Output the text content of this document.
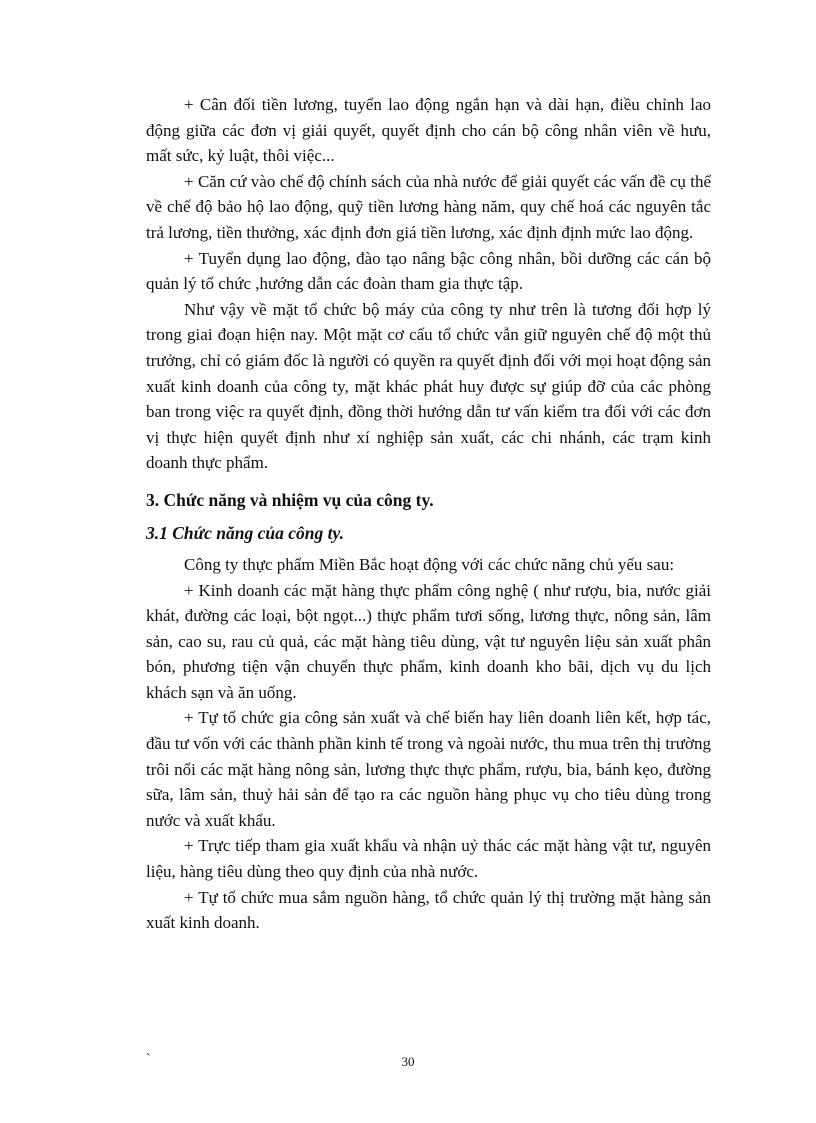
+ Cân đối tiền lương, tuyển lao động ngắn hạn và dài hạn, điều chỉnh lao động giữa các đơn vị giải quyết, quyết định cho cán bộ công nhân viên về hưu, mất sức, kỷ luật, thôi việc...

+ Căn cứ vào chế độ chính sách của nhà nước để giải quyết các vấn đề cụ thể về chế độ bảo hộ lao động, quỹ tiền lương hàng năm, quy chế hoá các nguyên tắc trả lương, tiền thưởng, xác định đơn giá tiền lương, xác định định mức lao động.

+ Tuyển dụng lao động, đào tạo nâng bậc công nhân, bồi dưỡng các cán bộ quản lý tổ chức ,hướng dẫn các đoàn tham gia thực tập.

Như vậy về mặt tổ chức bộ máy của công ty như trên là tương đối hợp lý trong giai đoạn hiện nay. Một mặt cơ cấu tổ chức vẫn giữ nguyên chế độ một thủ trưởng, chỉ có giám đốc là người có quyền ra quyết định đối với mọi hoạt động sản xuất kinh doanh của công ty, mặt khác phát huy được sự giúp đỡ của các phòng ban trong việc ra quyết định, đồng thời hướng dẫn tư vấn kiểm tra đối với các đơn vị thực hiện quyết định như xí nghiệp sản xuất, các chi nhánh, các trạm kinh doanh thực phẩm.

3. Chức năng và nhiệm vụ của công ty.
3.1 Chức năng của công ty.

Công ty thực phẩm Miền Bắc hoạt động với các chức năng chủ yếu sau:

+ Kinh doanh các mặt hàng thực phẩm công nghệ ( như rượu, bia, nước giải khát, đường các loại, bột ngọt...) thực phẩm tươi sống, lương thực, nông sản, lâm sản, cao su, rau củ quả, các mặt hàng tiêu dùng, vật tư nguyên liệu sản xuất phân bón, phương tiện vận chuyển thực phẩm, kinh doanh kho bãi, dịch vụ du lịch khách sạn và ăn uống.

+ Tự tổ chức gia công sản xuất và chế biến hay liên doanh liên kết, hợp tác, đầu tư vốn với các thành phần kinh tế trong và ngoài nước, thu mua trên thị trường trôi nổi các mặt hàng nông sản, lương thực thực phẩm, rượu, bia, bánh kẹo, đường sữa, lâm sản, thuỷ hải sản để tạo ra các nguồn hàng phục vụ cho tiêu dùng trong nước và xuất khẩu.

+ Trực tiếp tham gia xuất khẩu và nhận uỷ thác các mặt hàng vật tư, nguyên liệu, hàng tiêu dùng theo quy định của nhà nước.

+ Tự tổ chức mua sắm nguồn hàng, tổ chức quản lý thị trường mặt hàng sản xuất kinh doanh.

`	30
